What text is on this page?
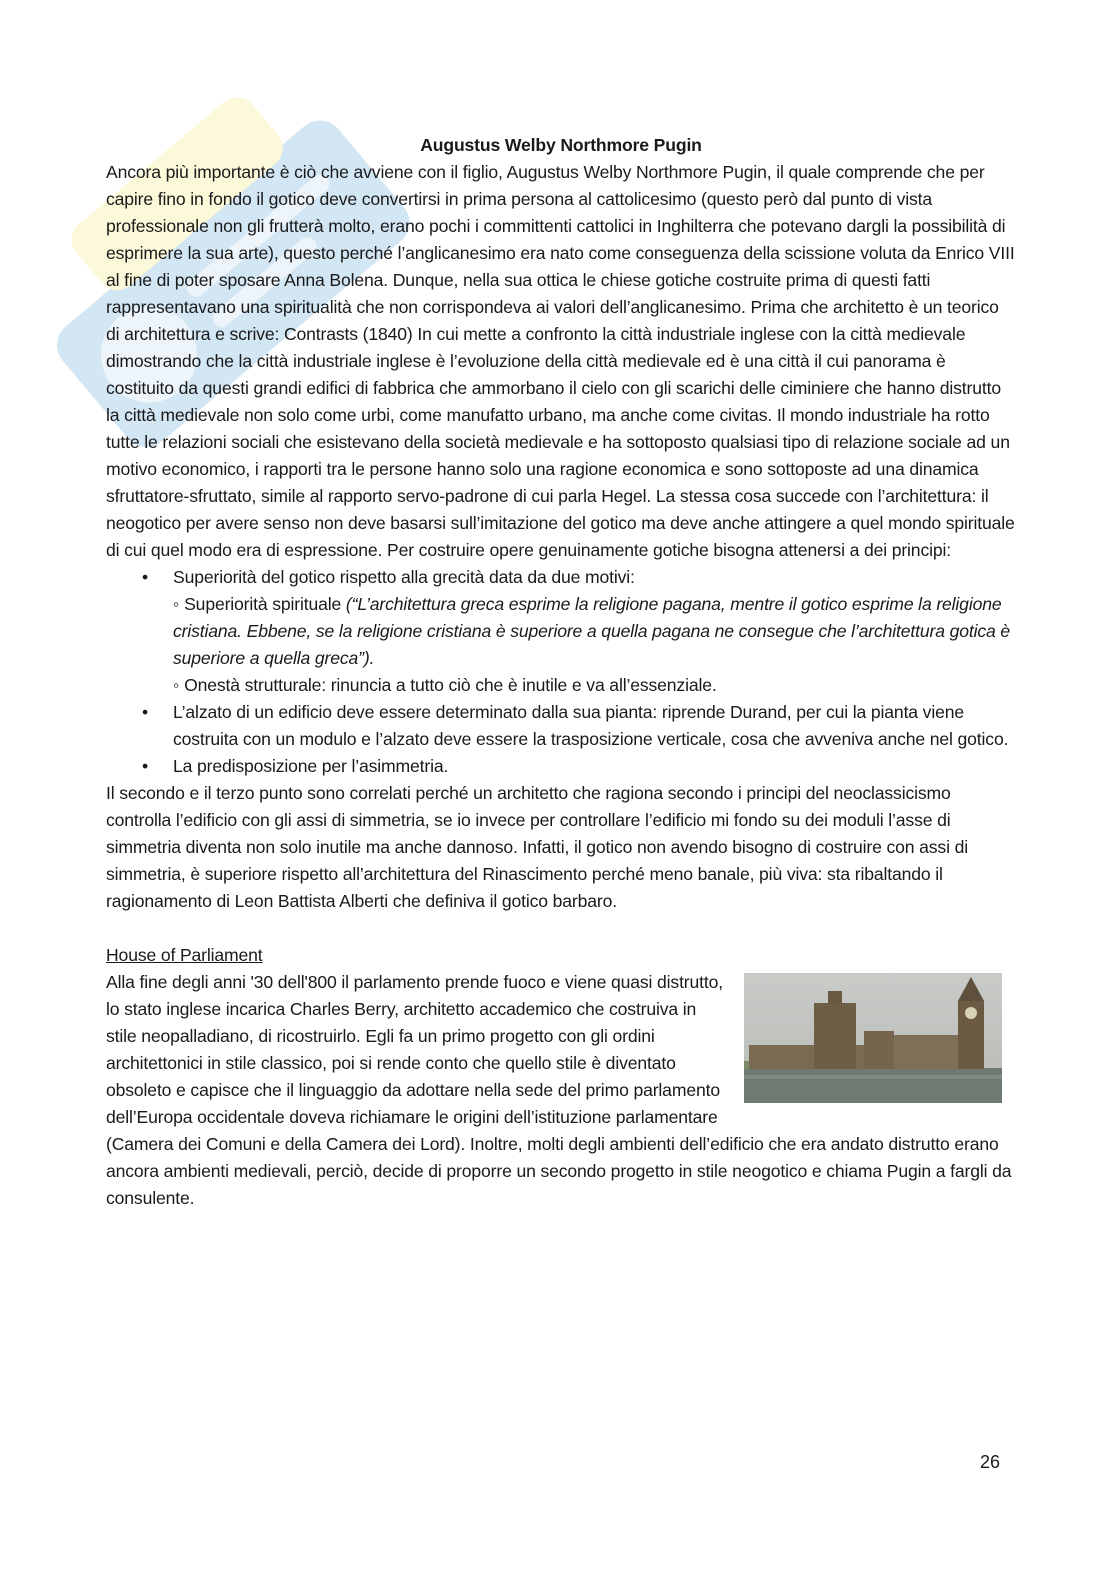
Augustus Welby Northmore Pugin

Ancora più importante è ciò che avviene con il figlio, Augustus Welby Northmore Pugin, il quale comprende che per capire fino in fondo il gotico deve convertirsi in prima persona al cattolicesimo (questo però dal punto di vista professionale non gli frutterà molto, erano pochi i committenti cattolici in Inghilterra che potevano dargli la possibilità di esprimere la sua arte), questo perché l’anglicanesimo era nato come conseguenza della scissione voluta da Enrico VIII al fine di poter sposare Anna Bolena. Dunque, nella sua ottica le chiese gotiche costruite prima di questi fatti rappresentavano una spiritualità che non corrispondeva ai valori dell’anglicanesimo. Prima che architetto è un teorico di architettura e scrive: Contrasts (1840) In cui mette a confronto la città industriale inglese con la città medievale dimostrando che la città industriale inglese è l’evoluzione della città medievale ed è una città il cui panorama è costituito da questi grandi edifici di fabbrica che ammorbano il cielo con gli scarichi delle ciminiere che hanno distrutto la città medievale non solo come urbi, come manufatto urbano, ma anche come civitas. Il mondo industriale ha rotto tutte le relazioni sociali che esistevano della società medievale e ha sottoposto qualsiasi tipo di relazione sociale ad un motivo economico, i rapporti tra le persone hanno solo una ragione economica e sono sottoposte ad una dinamica sfruttatore-sfruttato, simile al rapporto servo-padrone di cui parla Hegel. La stessa cosa succede con l’architettura: il neogotico per avere senso non deve basarsi sull’imitazione del gotico ma deve anche attingere a quel mondo spirituale di cui quel modo era di espressione. Per costruire opere genuinamente gotiche bisogna attenersi a dei principi:

• Superiorità del gotico rispetto alla grecità data da due motivi:
◦ Superiorità spirituale (“L’architettura greca esprime la religione pagana, mentre il gotico esprime la religione cristiana. Ebbene, se la religione cristiana è superiore a quella pagana ne consegue che l’architettura gotica è superiore a quella greca”).
◦ Onestà strutturale: rinuncia a tutto ciò che è inutile e va all’essenziale.
• L’alzato di un edificio deve essere determinato dalla sua pianta: riprende Durand, per cui la pianta viene costruita con un modulo e l’alzato deve essere la trasposizione verticale, cosa che avveniva anche nel gotico.
• La predisposizione per l’asimmetria.

Il secondo e il terzo punto sono correlati perché un architetto che ragiona secondo i principi del neoclassicismo controlla l’edificio con gli assi di simmetria, se io invece per controllare l’edificio mi fondo su dei moduli l’asse di simmetria diventa non solo inutile ma anche dannoso. Infatti, il gotico non avendo bisogno di costruire con assi di simmetria, è superiore rispetto all’architettura del Rinascimento perché meno banale, più viva: sta ribaltando il ragionamento di Leon Battista Alberti che definiva il gotico barbaro.

House of Parliament

Alla fine degli anni '30 dell'800 il parlamento prende fuoco e viene quasi distrutto, lo stato inglese incarica Charles Berry, architetto accademico che costruiva in stile neopalladiano, di ricostruirlo. Egli fa un primo progetto con gli ordini architettonici in stile classico, poi si rende conto che quello stile è diventato obsoleto e capisce che il linguaggio da adottare nella sede del primo parlamento dell’Europa occidentale doveva richiamare le origini dell’istituzione parlamentare (Camera dei Comuni e della Camera dei Lord). Inoltre, molti degli ambienti dell’edificio che era andato distrutto erano ancora ambienti medievali, perciò, decide di proporre un secondo progetto in stile neogotico e chiama Pugin a fargli da consulente.

26
